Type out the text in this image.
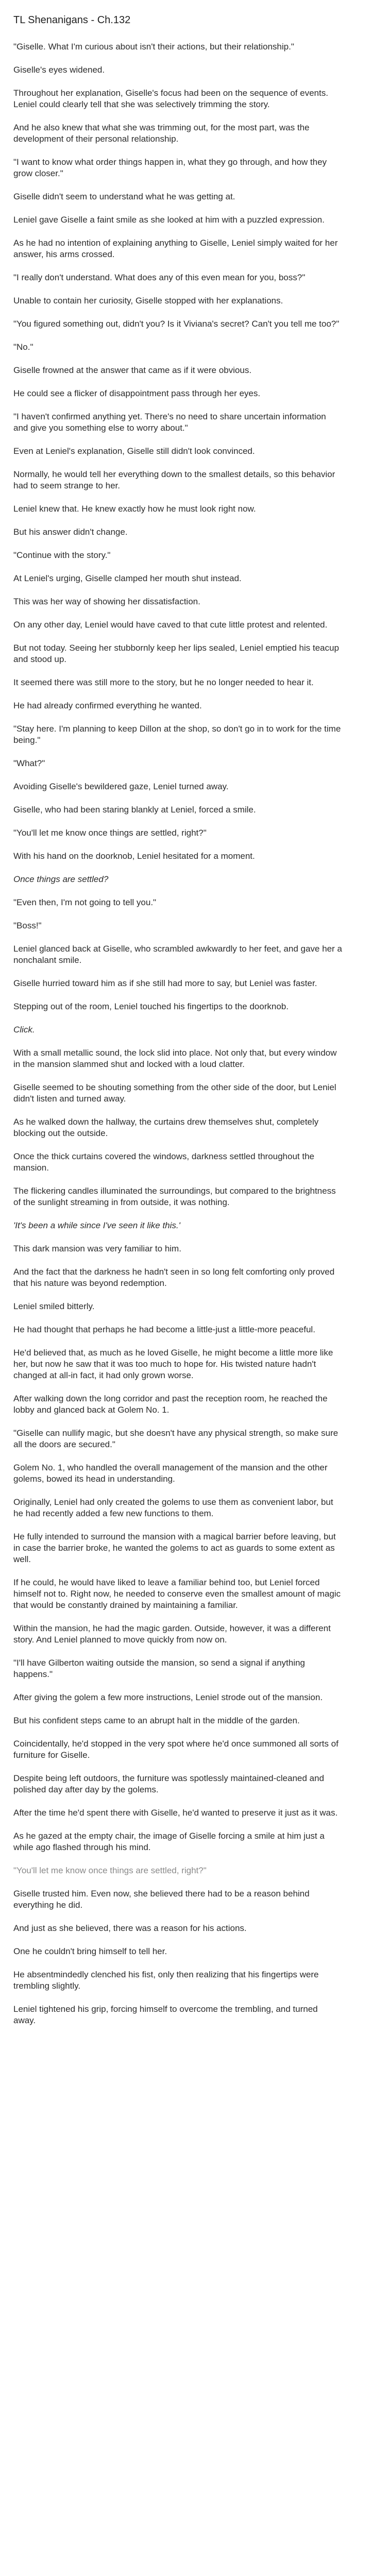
TL Shenanigans - Ch.132
"Giselle. What I'm curious about isn't their actions, but their relationship."
Giselle's eyes widened.
Throughout her explanation, Giselle's focus had been on the sequence of events. Leniel could clearly tell that she was selectively trimming the story.
And he also knew that what she was trimming out, for the most part, was the development of their personal relationship.
"I want to know what order things happen in, what they go through, and how they grow closer."
Giselle didn't seem to understand what he was getting at.
Leniel gave Giselle a faint smile as she looked at him with a puzzled expression.
As he had no intention of explaining anything to Giselle, Leniel simply waited for her answer, his arms crossed.
"I really don't understand. What does any of this even mean for you, boss?"
Unable to contain her curiosity, Giselle stopped with her explanations.
"You figured something out, didn't you? Is it Viviana's secret? Can't you tell me too?"
"No."
Giselle frowned at the answer that came as if it were obvious.
He could see a flicker of disappointment pass through her eyes.
"I haven't confirmed anything yet. There's no need to share uncertain information and give you something else to worry about."
Even at Leniel's explanation, Giselle still didn't look convinced.
Normally, he would tell her everything down to the smallest details, so this behavior had to seem strange to her.
Leniel knew that. He knew exactly how he must look right now.
But his answer didn't change.
"Continue with the story."
At Leniel's urging, Giselle clamped her mouth shut instead.
This was her way of showing her dissatisfaction.
On any other day, Leniel would have caved to that cute little protest and relented.
But not today. Seeing her stubbornly keep her lips sealed, Leniel emptied his teacup and stood up.
It seemed there was still more to the story, but he no longer needed to hear it.
He had already confirmed everything he wanted.
"Stay here. I'm planning to keep Dillon at the shop, so don't go in to work for the time being."
"What?"
Avoiding Giselle's bewildered gaze, Leniel turned away.
Giselle, who had been staring blankly at Leniel, forced a smile.
"You'll let me know once things are settled, right?"
With his hand on the doorknob, Leniel hesitated for a moment.
Once things are settled?
"Even then, I'm not going to tell you."
"Boss!"
Leniel glanced back at Giselle, who scrambled awkwardly to her feet, and gave her a nonchalant smile.
Giselle hurried toward him as if she still had more to say, but Leniel was faster.
Stepping out of the room, Leniel touched his fingertips to the doorknob.
Click.
With a small metallic sound, the lock slid into place. Not only that, but every window in the mansion slammed shut and locked with a loud clatter.
Giselle seemed to be shouting something from the other side of the door, but Leniel didn't listen and turned away.
As he walked down the hallway, the curtains drew themselves shut, completely blocking out the outside.
Once the thick curtains covered the windows, darkness settled throughout the mansion.
The flickering candles illuminated the surroundings, but compared to the brightness of the sunlight streaming in from outside, it was nothing.
'It's been a while since I've seen it like this.'
This dark mansion was very familiar to him.
And the fact that the darkness he hadn't seen in so long felt comforting only proved that his nature was beyond redemption.
Leniel smiled bitterly.
He had thought that perhaps he had become a little-just a little-more peaceful.
He'd believed that, as much as he loved Giselle, he might become a little more like her, but now he saw that it was too much to hope for. His twisted nature hadn't changed at all-in fact, it had only grown worse.
After walking down the long corridor and past the reception room, he reached the lobby and glanced back at Golem No. 1.
"Giselle can nullify magic, but she doesn't have any physical strength, so make sure all the doors are secured."
Golem No. 1, who handled the overall management of the mansion and the other golems, bowed its head in understanding.
Originally, Leniel had only created the golems to use them as convenient labor, but he had recently added a few new functions to them.
He fully intended to surround the mansion with a magical barrier before leaving, but in case the barrier broke, he wanted the golems to act as guards to some extent as well.
If he could, he would have liked to leave a familiar behind too, but Leniel forced himself not to. Right now, he needed to conserve even the smallest amount of magic that would be constantly drained by maintaining a familiar.
Within the mansion, he had the magic garden. Outside, however, it was a different story. And Leniel planned to move quickly from now on.
"I'll have Gilberton waiting outside the mansion, so send a signal if anything happens."
After giving the golem a few more instructions, Leniel strode out of the mansion.
But his confident steps came to an abrupt halt in the middle of the garden.
Coincidentally, he'd stopped in the very spot where he'd once summoned all sorts of furniture for Giselle.
Despite being left outdoors, the furniture was spotlessly maintained-cleaned and polished day after day by the golems.
After the time he'd spent there with Giselle, he'd wanted to preserve it just as it was.
As he gazed at the empty chair, the image of Giselle forcing a smile at him just a while ago flashed through his mind.
"You'll let me know once things are settled, right?"
Giselle trusted him. Even now, she believed there had to be a reason behind everything he did.
And just as she believed, there was a reason for his actions.
One he couldn't bring himself to tell her.
He absentmindedly clenched his fist, only then realizing that his fingertips were trembling slightly.
Leniel tightened his grip, forcing himself to overcome the trembling, and turned away.
